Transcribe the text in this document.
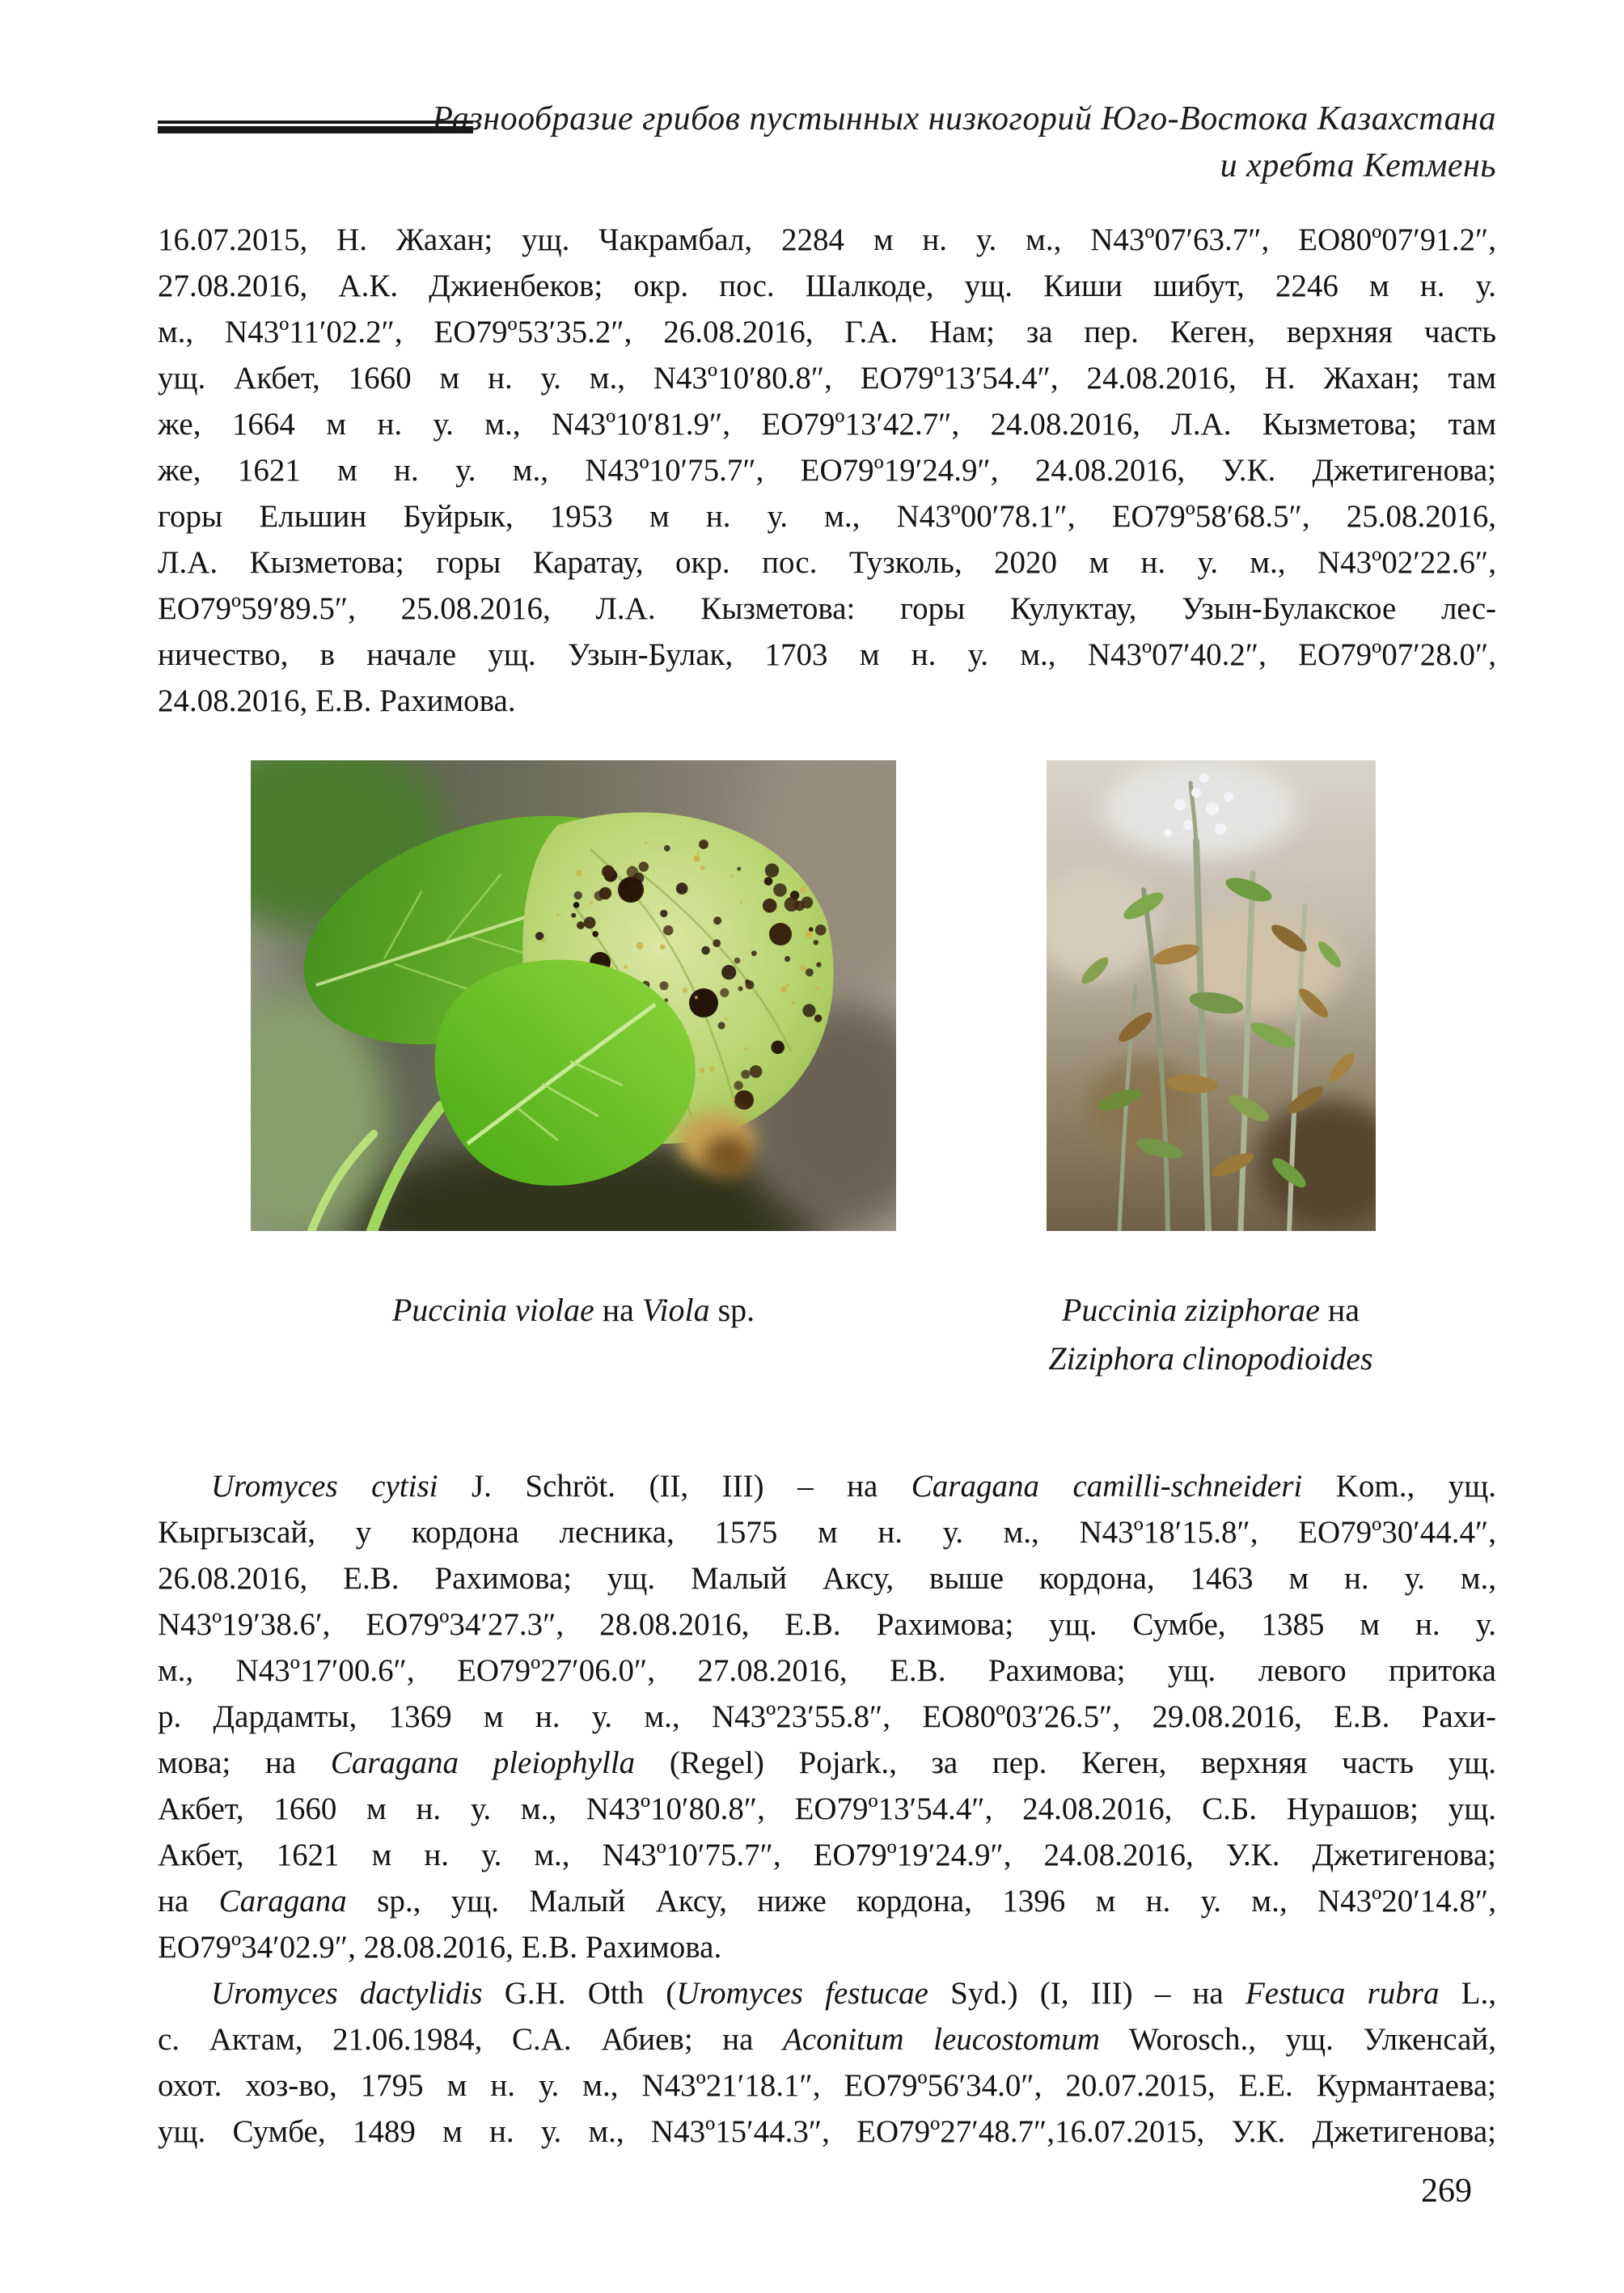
Разнообразие грибов пустынных низкогорий Юго-Востока Казахстана
и хребта Кетмень
16.07.2015, Н. Жахан; ущ. Чакрамбал, 2284 м н. у. м., N43º07′63.7″, ЕО80º07′91.2″,
27.08.2016, А.К. Джиенбеков; окр. пос. Шалкоде, ущ. Киши шибут, 2246 м н. у.
м., N43º11′02.2″, ЕО79º53′35.2″, 26.08.2016, Г.А. Нам; за пер. Кеген, верхняя часть
ущ. Акбет, 1660 м н. у. м., N43º10′80.8″, ЕО79º13′54.4″, 24.08.2016, Н. Жахан; там
же, 1664 м н. у. м., N43º10′81.9″, ЕО79º13′42.7″, 24.08.2016, Л.А. Кызметова; там
же, 1621 м н. у. м., N43º10′75.7″, ЕО79º19′24.9″, 24.08.2016, У.К. Джетигенова;
горы Ельшин Буйрык, 1953 м н. у. м., N43º00′78.1″, ЕО79º58′68.5″, 25.08.2016,
Л.А. Кызметова; горы Каратау, окр. пос. Тузколь, 2020 м н. у. м., N43º02′22.6″,
ЕО79º59′89.5″, 25.08.2016, Л.А. Кызметова: горы Кулуктау, Узын-Булакское лес-
ничество, в начале ущ. Узын-Булак, 1703 м н. у. м., N43º07′40.2″, ЕО79º07′28.0″,
24.08.2016, Е.В. Рахимова.
Puccinia violae на Viola sp.	Puccinia ziziphorae на
Ziziphora clinopodioides
Uromyces cytisi J. Schröt. (II, III) – на Caragana camilli-schneideri Kom., ущ.
Кыргызсай, у кордона лесника, 1575 м н. у. м., N43º18′15.8″, ЕО79º30′44.4″,
26.08.2016, Е.В. Рахимова; ущ. Малый Аксу, выше кордона, 1463 м н. у. м.,
N43º19′38.6′, ЕО79º34′27.3″, 28.08.2016, Е.В. Рахимова; ущ. Сумбе, 1385 м н. у.
м., N43º17′00.6″, ЕО79º27′06.0″, 27.08.2016, Е.В. Рахимова; ущ. левого притока
р. Дардамты, 1369 м н. у. м., N43º23′55.8″, ЕО80º03′26.5″, 29.08.2016, Е.В. Рахи-
мова; на Caragana pleiophylla (Regel) Pojark., за пер. Кеген, верхняя часть ущ.
Акбет, 1660 м н. у. м., N43º10′80.8″, ЕО79º13′54.4″, 24.08.2016, С.Б. Нурашов; ущ.
Акбет, 1621 м н. у. м., N43º10′75.7″, ЕО79º19′24.9″, 24.08.2016, У.К. Джетигенова;
на Caragana sp., ущ. Малый Аксу, ниже кордона, 1396 м н. у. м., N43º20′14.8″,
ЕО79º34′02.9″, 28.08.2016, Е.В. Рахимова.
Uromyces dactylidis G.H. Otth (Uromyces festucae Syd.) (I, III) – на Festuca rubra L.,
с. Актам, 21.06.1984, С.А. Абиев; на Aconitum leucostomum Worosch., ущ. Улкенсай,
охот. хоз-во, 1795 м н. у. м., N43º21′18.1″, ЕО79º56′34.0″, 20.07.2015, Е.Е. Курмантаева;
ущ. Сумбе, 1489 м н. у. м., N43º15′44.3″, ЕО79º27′48.7″,16.07.2015, У.К. Джетигенова;
269
